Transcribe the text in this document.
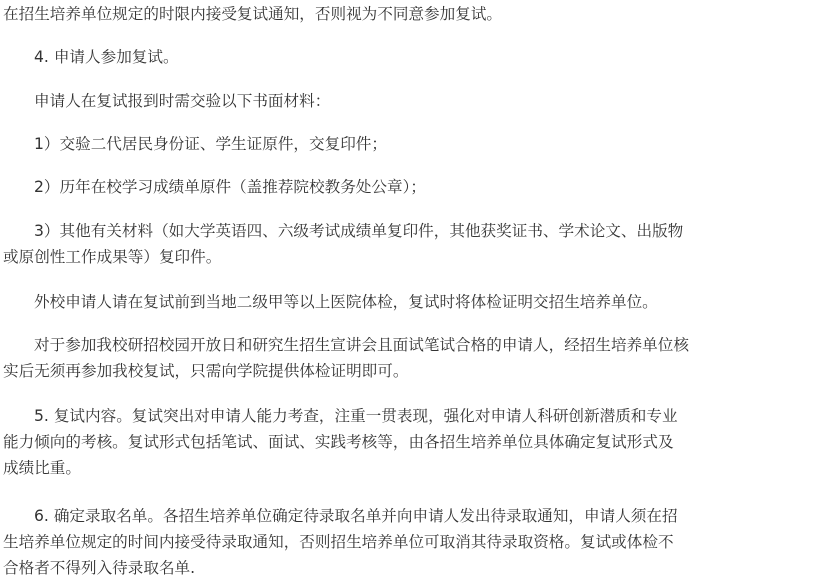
在招生培养单位规定的时限内接受复试通知，否则视为不同意参加复试。
4. 申请人参加复试。
申请人在复试报到时需交验以下书面材料：
1）交验二代居民身份证、学生证原件，交复印件；
2）历年在校学习成绩单原件（盖推荐院校教务处公章）；
3）其他有关材料（如大学英语四、六级考试成绩单复印件，其他获奖证书、学术论文、出版物
或原创性工作成果等）复印件。
外校申请人请在复试前到当地二级甲等以上医院体检，复试时将体检证明交招生培养单位。
对于参加我校研招校园开放日和研究生招生宣讲会且面试笔试合格的申请人，经招生培养单位核
实后无须再参加我校复试，只需向学院提供体检证明即可。
5. 复试内容。复试突出对申请人能力考查，注重一贯表现，强化对申请人科研创新潜质和专业
能力倾向的考核。复试形式包括笔试、面试、实践考核等，由各招生培养单位具体确定复试形式及
成绩比重。
6. 确定录取名单。各招生培养单位确定待录取名单并向申请人发出待录取通知，申请人须在招
生培养单位规定的时间内接受待录取通知，否则招生培养单位可取消其待录取资格。复试或体检不
合格者不得列入待录取名单.
